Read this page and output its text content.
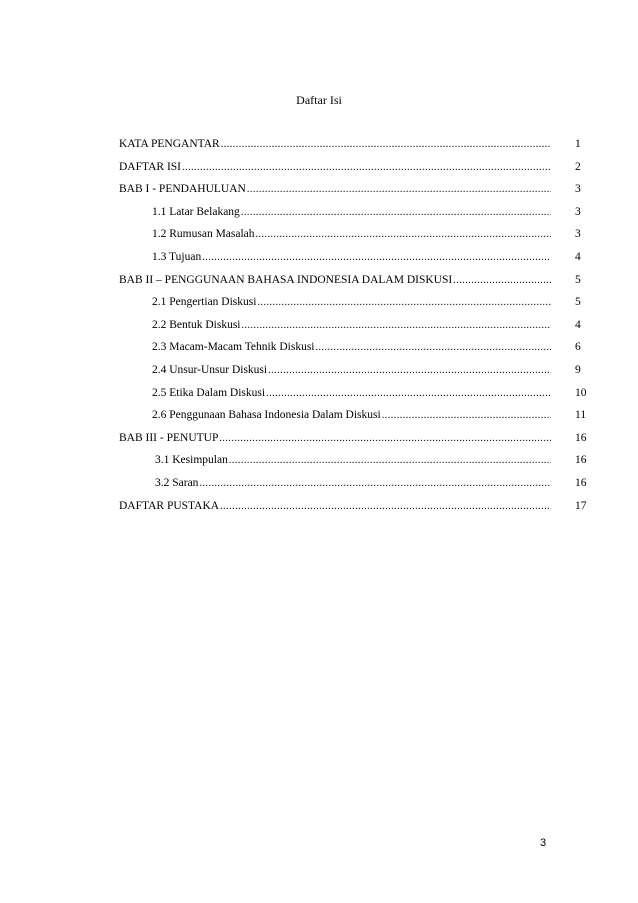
Daftar Isi
KATA PENGANTAR .....	1
DAFTAR ISI .....	2
BAB I - PENDAHULUAN .....	3
1.1 Latar Belakang .....	3
1.2 Rumusan Masalah .....	3
1.3 Tujuan .....	4
BAB II – PENGGUNAAN BAHASA INDONESIA DALAM DISKUSI .....	5
2.1 Pengertian Diskusi .....	5
2.2 Bentuk Diskusi .....	4
2.3 Macam-Macam Tehnik Diskusi .....	6
2.4 Unsur-Unsur Diskusi .....	9
2.5 Etika Dalam Diskusi .....	10
2.6 Penggunaan Bahasa Indonesia Dalam Diskusi .....	11
BAB III - PENUTUP .....	16
3.1 Kesimpulan .....	16
3.2 Saran .....	16
DAFTAR PUSTAKA .....	17
3
